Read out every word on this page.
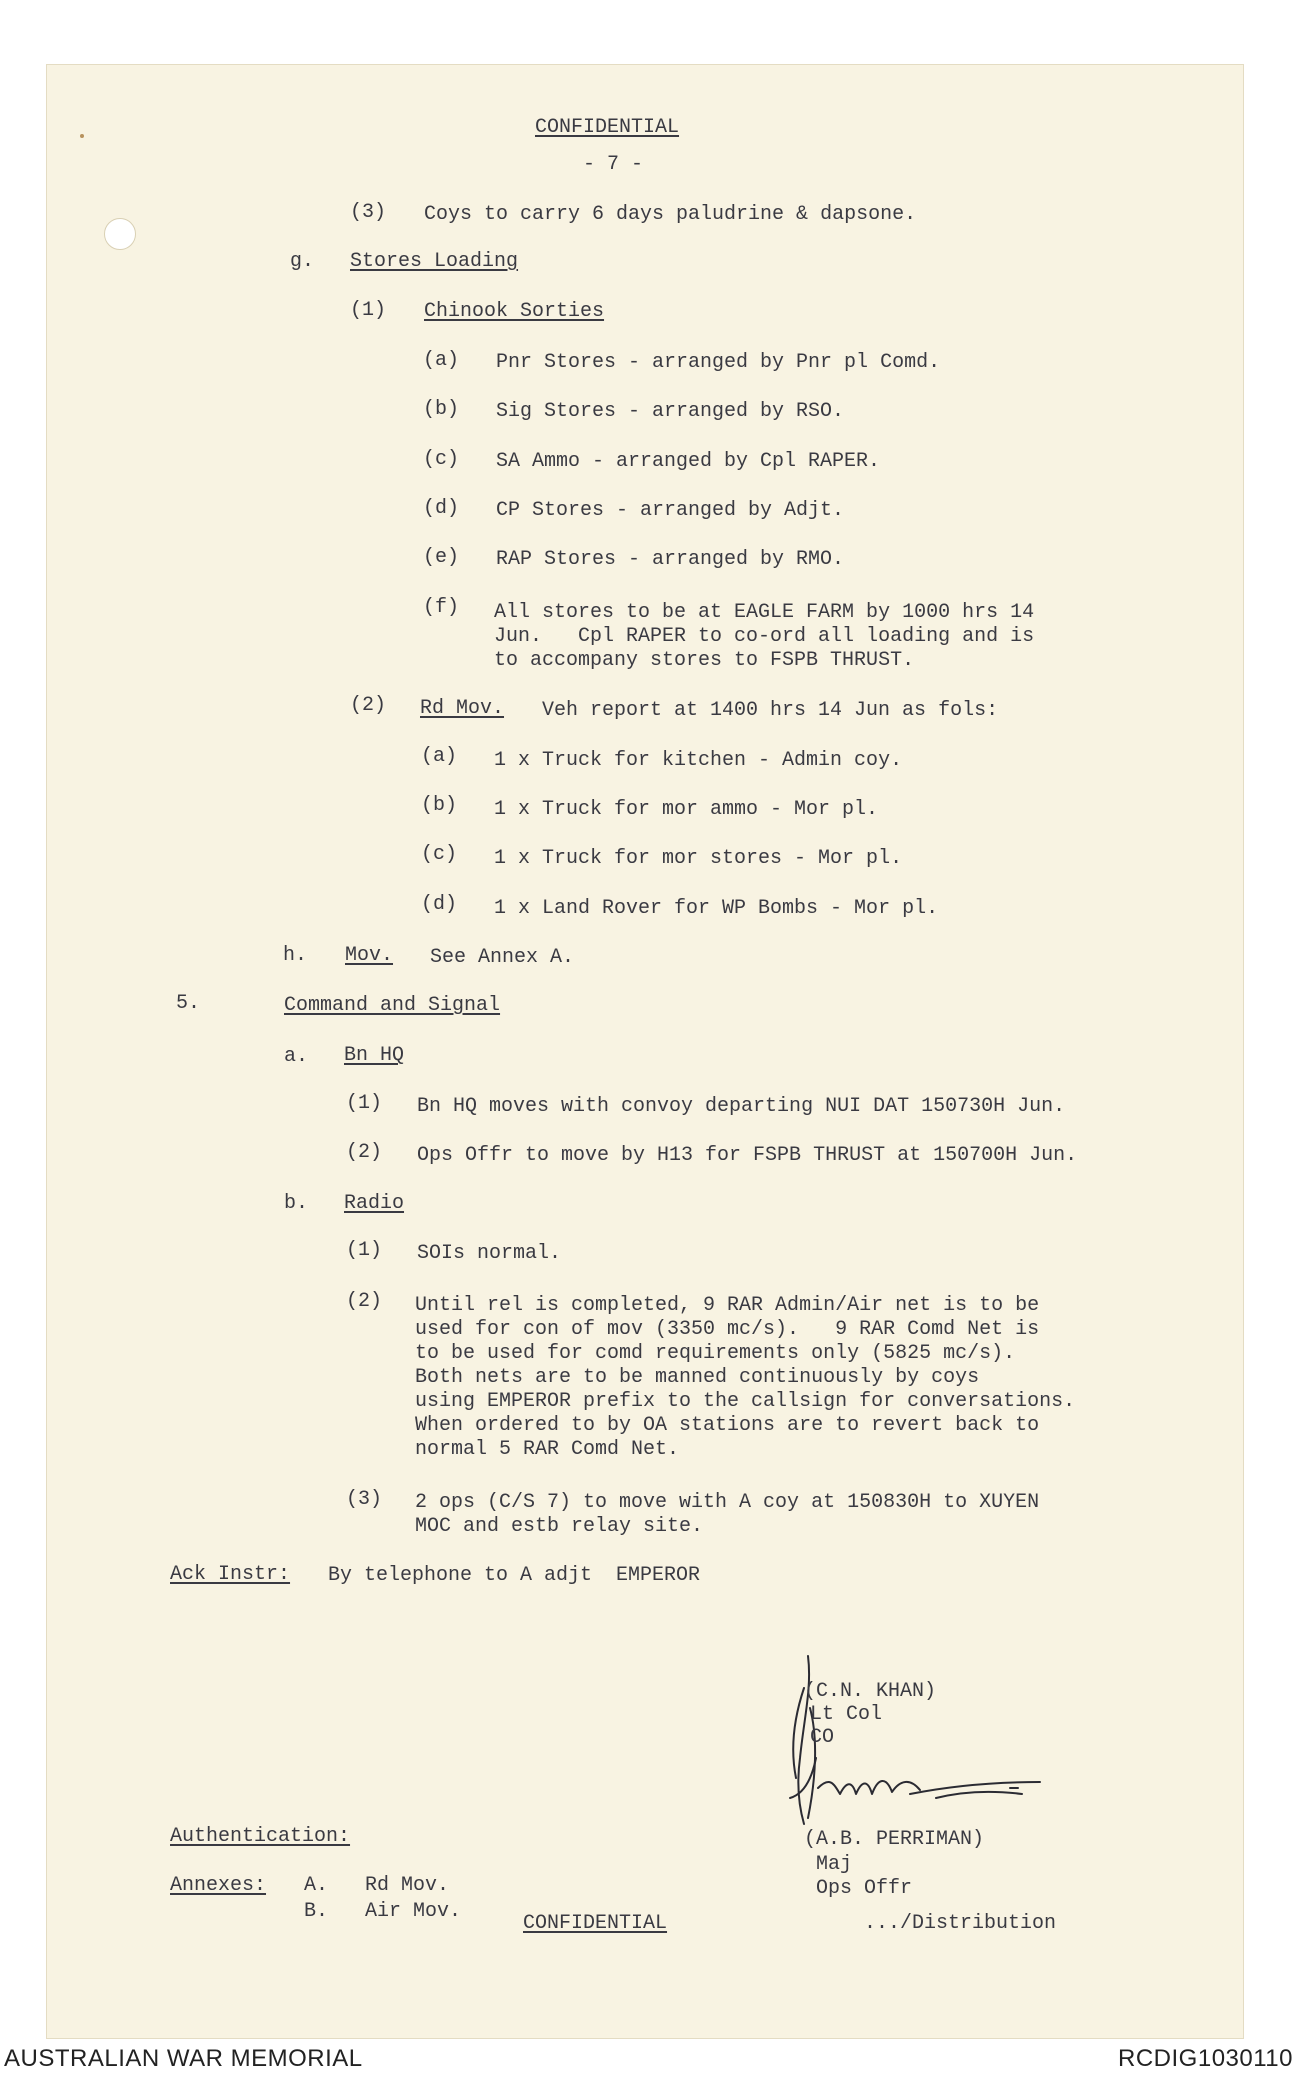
CONFIDENTIAL

- 7 -

(3) Coys to carry 6 days paludrine & dapsone.

g. Stores Loading

(1) Chinook Sorties

(a) Pnr Stores - arranged by Pnr pl Comd.

(b) Sig Stores - arranged by RSO.

(c) SA Ammo - arranged by Cpl RAPER.

(d) CP Stores - arranged by Adjt.

(e) RAP Stores - arranged by RMO.

(f) All stores to be at EAGLE FARM by 1000 hrs 14
Jun.   Cpl RAPER to co-ord all loading and is
to accompany stores to FSPB THRUST.

(2) Rd Mov. Veh report at 1400 hrs 14 Jun as fols:

(a) 1 x Truck for kitchen - Admin coy.

(b) 1 x Truck for mor ammo - Mor pl.

(c) 1 x Truck for mor stores - Mor pl.

(d) 1 x Land Rover for WP Bombs - Mor pl.

h. Mov. See Annex A.

5.	Command and Signal

a. Bn HQ

(1) Bn HQ moves with convoy departing NUI DAT 150730H Jun.

(2) Ops Offr to move by H13 for FSPB THRUST at 150700H Jun.

b. Radio

(1) SOIs normal.

(2) Until rel is completed, 9 RAR Admin/Air net is to be
used for con of mov (3350 mc/s).   9 RAR Comd Net is
to be used for comd requirements only (5825 mc/s).
Both nets are to be manned continuously by coys
using EMPEROR prefix to the callsign for conversations.
When ordered to by OA stations are to revert back to
normal 5 RAR Comd Net.

(3) 2 ops (C/S 7) to move with A coy at 150830H to XUYEN
MOC and estb relay site.

Ack Instr: By telephone to A adjt  EMPEROR

(C.N. KHAN)

Lt Col

CO

(A.B. PERRIMAN)

Maj

Ops Offr

Authentication:

Annexes: A. Rd Mov.

B. Air Mov.

CONFIDENTIAL	.../Distribution

AUSTRALIAN WAR MEMORIAL	RCDIG1030110
